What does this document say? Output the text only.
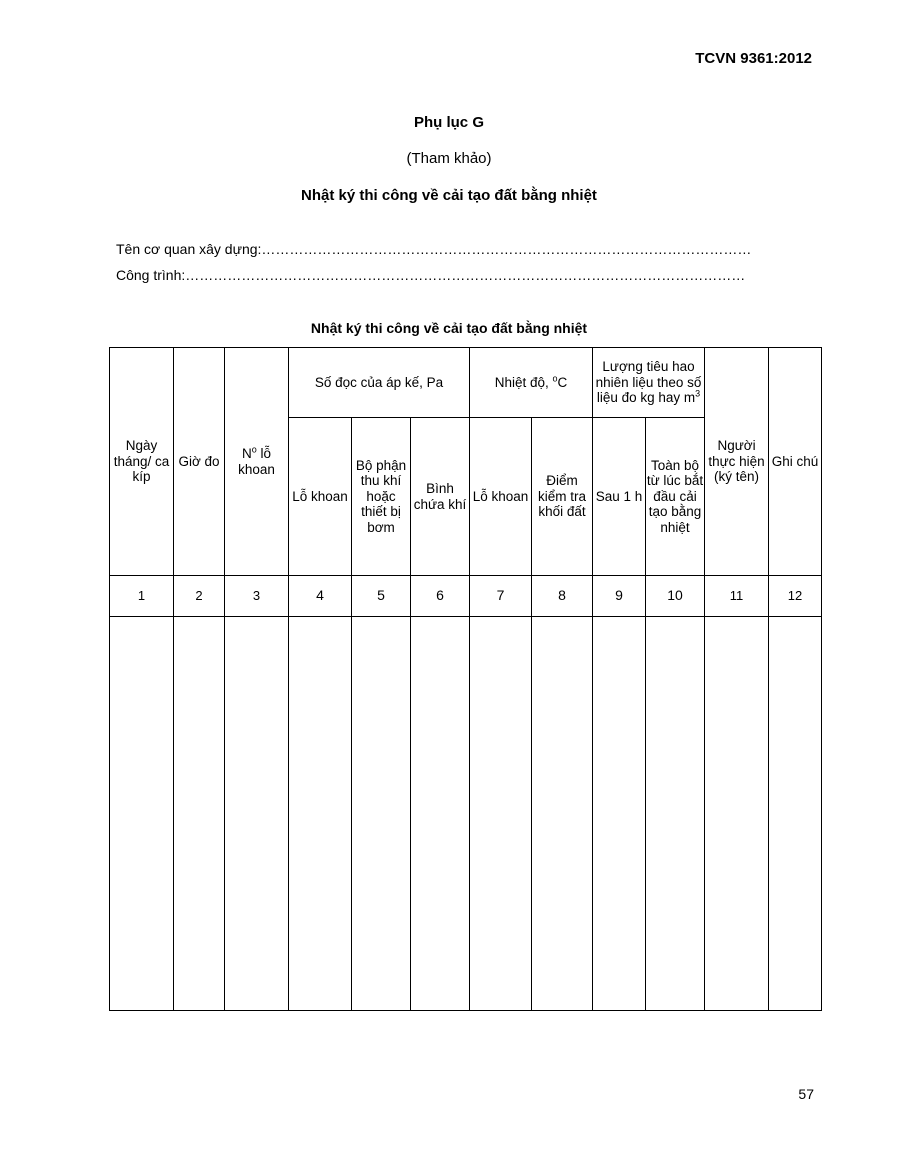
TCVN 9361:2012
Phụ lục G
(Tham khảo)
Nhật ký thi công về cải tạo đất bằng nhiệt
Tên cơ quan xây dựng:……………………………………………………………………………………………
Công trình:…………………………………………………………………………………………………………
Nhật ký thi công về cải tạo đất bằng nhiệt
Ngày tháng/ ca kíp	Giờ đo	$N^o$ lỗ khoan	Số đọc của áp kế, Pa			Nhiệt độ, $^o$C		Lượng tiêu hao nhiên liệu theo số liệu đo kg hay $m^3$		Người thực hiện (ký tên)	Ghi chú
			Lỗ khoan	Bộ phận thu khí hoặc thiết bị bơm	Bình chứa khí	Lỗ khoan	Điểm kiểm tra khối đất	Sau 1 h	Toàn bộ từ lúc bắt đầu cải tạo bằng nhiệt		
1	2	3	4	5	6	7	8	9	10	11	12

57
